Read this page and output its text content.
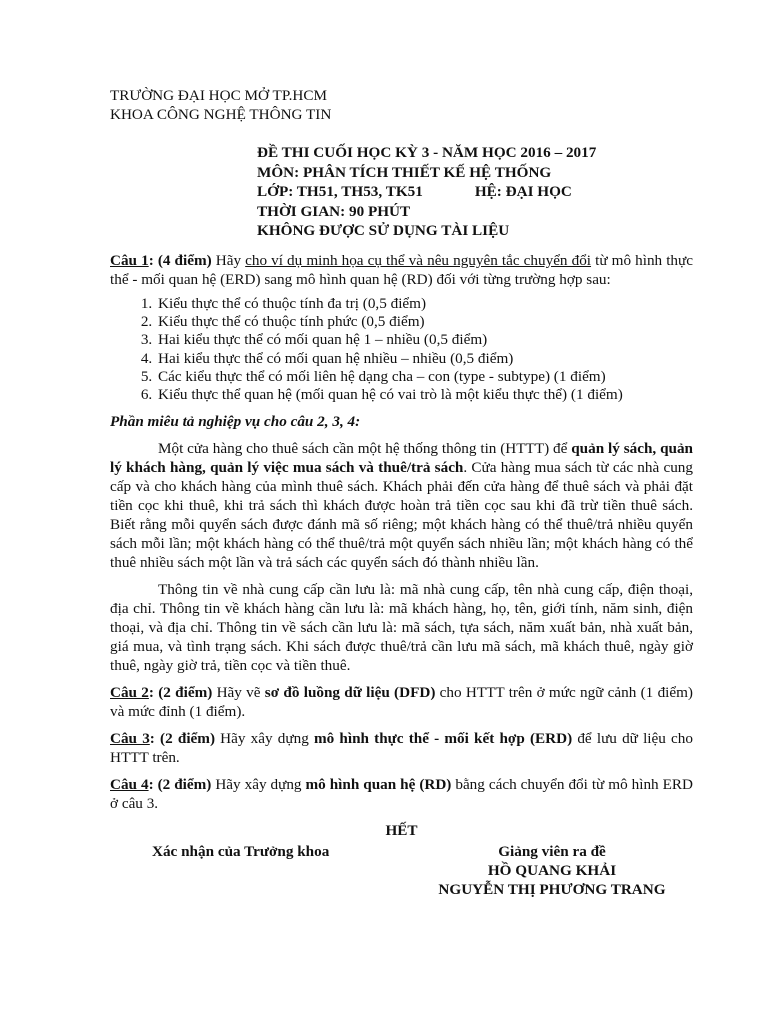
TRƯỜNG ĐẠI HỌC MỞ TP.HCM
KHOA CÔNG NGHỆ THÔNG TIN
ĐỀ THI CUỐI HỌC KỲ 3 - NĂM HỌC 2016 – 2017
MÔN: PHÂN TÍCH THIẾT KẾ HỆ THỐNG
LỚP: TH51, TH53, TK51	HỆ: ĐẠI HỌC
THỜI GIAN: 90 PHÚT
KHÔNG ĐƯỢC SỬ DỤNG TÀI LIỆU

Câu 1: (4 điểm) Hãy cho ví dụ minh họa cụ thể và nêu nguyên tắc chuyển đổi từ mô hình thực thể - mối quan hệ (ERD) sang mô hình quan hệ (RD) đối với từng trường hợp sau:

1. Kiểu thực thể có thuộc tính đa trị (0,5 điểm)
2. Kiểu thực thể có thuộc tính phức (0,5 điểm)
3. Hai kiểu thực thể có mối quan hệ 1 – nhiều (0,5 điểm)
4. Hai kiểu thực thể có mối quan hệ nhiều – nhiều (0,5 điểm)
5. Các kiểu thực thể có mối liên hệ dạng cha – con (type - subtype) (1 điểm)
6. Kiểu thực thể quan hệ (mối quan hệ có vai trò là một kiểu thực thể) (1 điểm)

Phần miêu tả nghiệp vụ cho câu 2, 3, 4:

Một cửa hàng cho thuê sách cần một hệ thống thông tin (HTTT) để quản lý sách, quản lý khách hàng, quản lý việc mua sách và thuê/trả sách. Cửa hàng mua sách từ các nhà cung cấp và cho khách hàng của mình thuê sách. Khách phải đến cửa hàng để thuê sách và phải đặt tiền cọc khi thuê, khi trả sách thì khách được hoàn trả tiền cọc sau khi đã trừ tiền thuê sách. Biết rằng mỗi quyển sách được đánh mã số riêng; một khách hàng có thể thuê/trả nhiều quyển sách mỗi lần; một khách hàng có thể thuê/trả một quyển sách nhiều lần; một khách hàng có thể thuê nhiều sách một lần và trả sách các quyển sách đó thành nhiều lần.

Thông tin về nhà cung cấp cần lưu là: mã nhà cung cấp, tên nhà cung cấp, điện thoại, địa chỉ. Thông tin về khách hàng cần lưu là: mã khách hàng, họ, tên, giới tính, năm sinh, điện thoại, và địa chỉ. Thông tin về sách cần lưu là: mã sách, tựa sách, năm xuất bản, nhà xuất bản, giá mua, và tình trạng sách. Khi sách được thuê/trả cần lưu mã sách, mã khách thuê, ngày giờ thuê, ngày giờ trả, tiền cọc và tiền thuê.

Câu 2: (2 điểm) Hãy vẽ sơ đồ luồng dữ liệu (DFD) cho HTTT trên ở mức ngữ cảnh (1 điểm) và mức đỉnh (1 điểm).

Câu 3: (2 điểm) Hãy xây dựng mô hình thực thể - mối kết hợp (ERD) để lưu dữ liệu cho HTTT trên.

Câu 4: (2 điểm) Hãy xây dựng mô hình quan hệ (RD) bằng cách chuyển đổi từ mô hình ERD ở câu 3.

HẾT
Xác nhận của Trưởng khoa	Giảng viên ra đề
HỒ QUANG KHẢI
NGUYỄN THỊ PHƯƠNG TRANG
